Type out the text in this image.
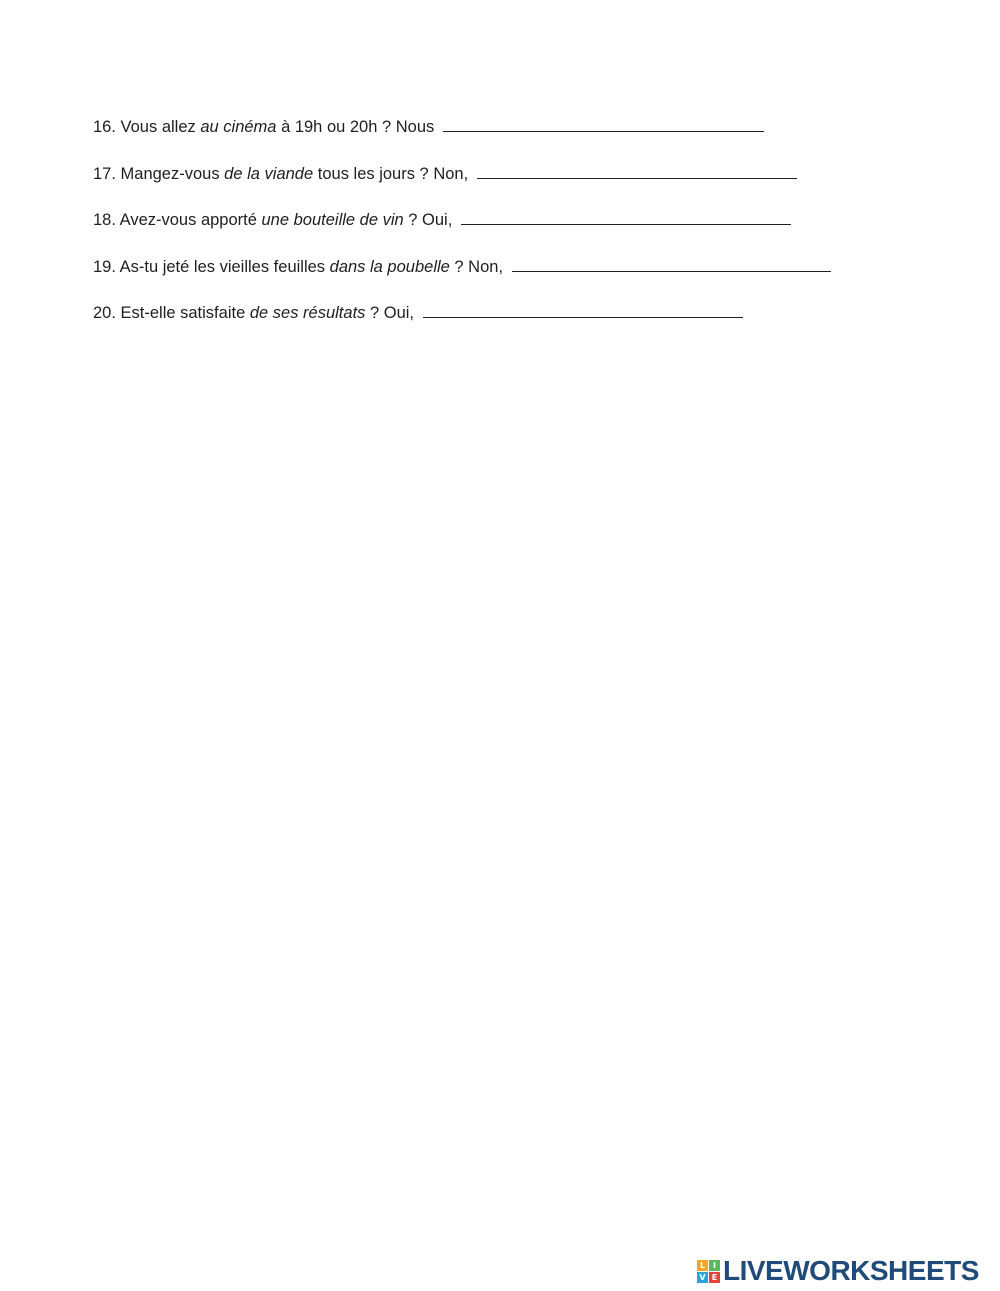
16. Vous allez au cinéma à 19h ou 20h ? Nous
17. Mangez-vous de la viande tous les jours ? Non,
18. Avez-vous apporté une bouteille de vin ? Oui,
19. As-tu jeté les vieilles feuilles dans la poubelle ? Non,
20. Est-elle satisfaite de ses résultats ? Oui,
L I
V E LIVEWORKSHEETS
